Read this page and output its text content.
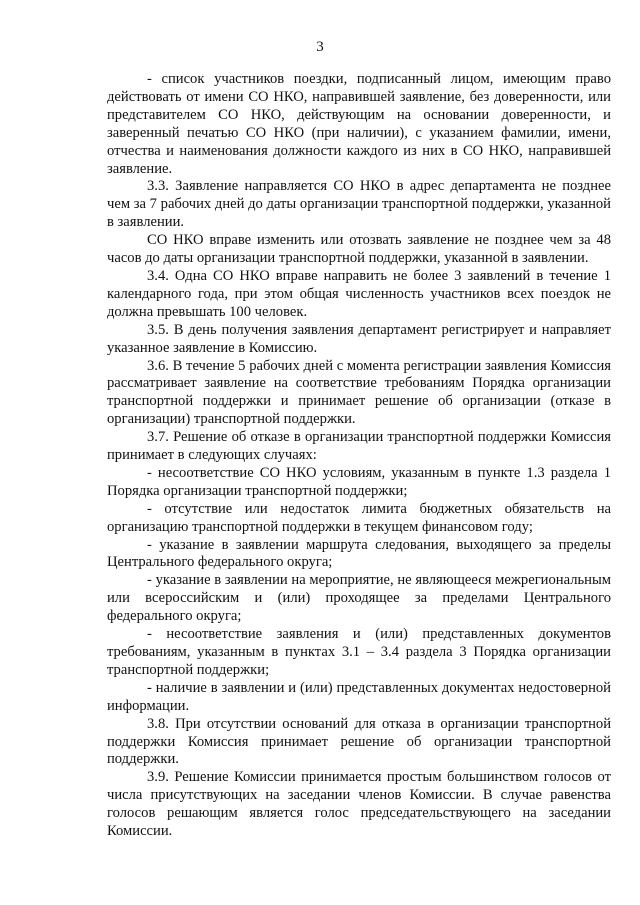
3

- список участников поездки, подписанный лицом, имеющим право действовать от имени СО НКО, направившей заявление, без доверенности, или представителем СО НКО, действующим на основании доверенности, и заверенный печатью СО НКО (при наличии), с указанием фамилии, имени, отчества и наименования должности каждого из них в СО НКО, направившей заявление.

3.3. Заявление направляется СО НКО в адрес департамента не позднее чем за 7 рабочих дней до даты организации транспортной поддержки, указанной в заявлении.

СО НКО вправе изменить или отозвать заявление не позднее чем за 48 часов до даты организации транспортной поддержки, указанной в заявлении.

3.4. Одна СО НКО вправе направить не более 3 заявлений в течение 1 календарного года, при этом общая численность участников всех поездок не должна превышать 100 человек.

3.5. В день получения заявления департамент регистрирует и направляет указанное заявление в Комиссию.

3.6. В течение 5 рабочих дней с момента регистрации заявления Комиссия рассматривает заявление на соответствие требованиям Порядка организации транспортной поддержки и принимает решение об организации (отказе в организации) транспортной поддержки.

3.7. Решение об отказе в организации транспортной поддержки Комиссия принимает в следующих случаях:

- несоответствие СО НКО условиям, указанным в пункте 1.3 раздела 1 Порядка организации транспортной поддержки;

- отсутствие или недостаток лимита бюджетных обязательств на организацию транспортной поддержки в текущем финансовом году;

- указание в заявлении маршрута следования, выходящего за пределы Центрального федерального округа;

- указание в заявлении на мероприятие, не являющееся межрегиональным или всероссийским и (или) проходящее за пределами Центрального федерального округа;

- несоответствие заявления и (или) представленных документов требованиям, указанным в пунктах 3.1 – 3.4 раздела 3 Порядка организации транспортной поддержки;

- наличие в заявлении и (или) представленных документах недостоверной информации.

3.8. При отсутствии оснований для отказа в организации транспортной поддержки Комиссия принимает решение об организации транспортной поддержки.

3.9. Решение Комиссии принимается простым большинством голосов от числа присутствующих на заседании членов Комиссии. В случае равенства голосов решающим является голос председательствующего на заседании Комиссии.
